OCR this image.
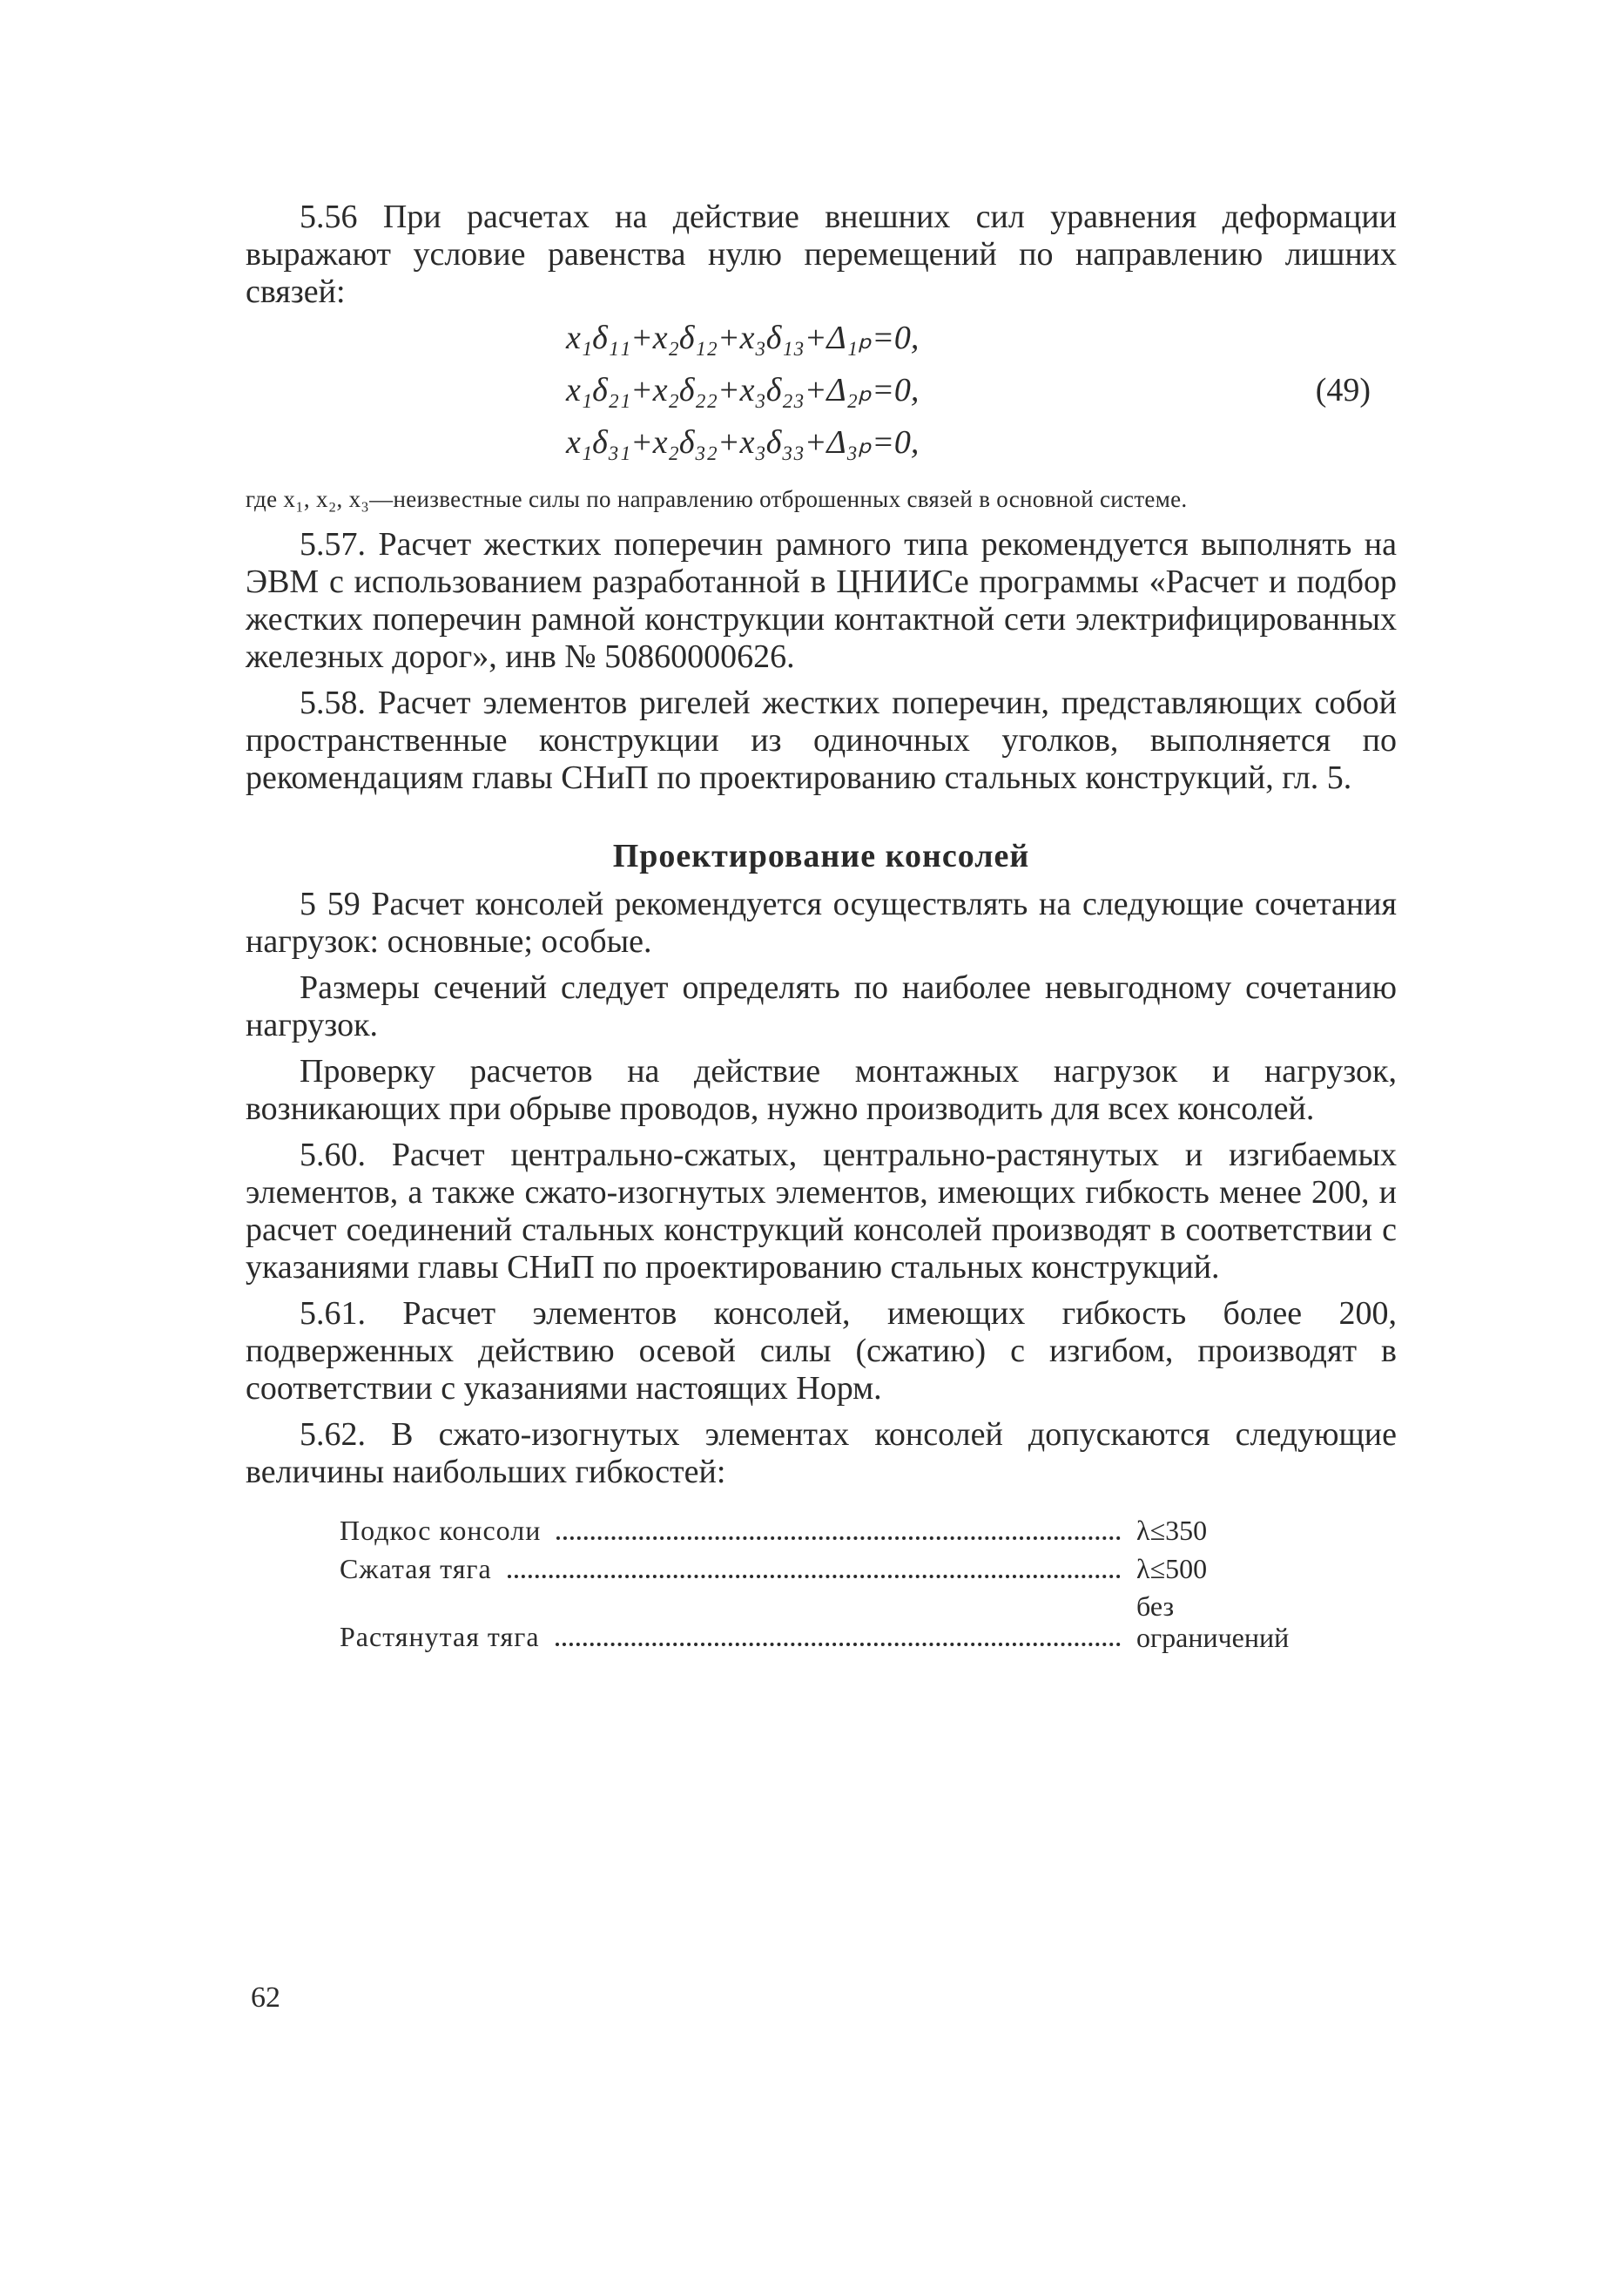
5.56 При расчетах на действие внешних сил уравнения деформации выражают условие равенства нулю перемещений по направлению лишних связей:

x₁δ₁₁+x₂δ₁₂+x₃δ₁₃+Δ₁ₚ=0,
x₁δ₂₁+x₂δ₂₂+x₃δ₂₃+Δ₂ₚ=0,
x₁δ₃₁+x₂δ₃₂+x₃δ₃₃+Δ₃ₚ=0,
(49)

где x₁, x₂, x₃—неизвестные силы по направлению отброшенных связей в основной системе.

5.57. Расчет жестких поперечин рамного типа рекомендуется выполнять на ЭВМ с использованием разработанной в ЦНИИСе программы «Расчет и подбор жестких поперечин рамной конструкции контактной сети электрифицированных железных дорог», инв № 50860000626.

5.58. Расчет элементов ригелей жестких поперечин, представляющих собой пространственные конструкции из одиночных уголков, выполняется по рекомендациям главы СНиП по проектированию стальных конструкций, гл. 5.

Проектирование консолей

5 59 Расчет консолей рекомендуется осуществлять на следующие сочетания нагрузок: основные; особые.

Размеры сечений следует определять по наиболее невыгодному сочетанию нагрузок.

Проверку расчетов на действие монтажных нагрузок и нагрузок, возникающих при обрыве проводов, нужно производить для всех консолей.

5.60. Расчет центрально-сжатых, центрально-растянутых и изгибаемых элементов, а также сжато-изогнутых элементов, имеющих гибкость менее 200, и расчет соединений стальных конструкций консолей производят в соответствии с указаниями главы СНиП по проектированию стальных конструкций.

5.61. Расчет элементов консолей, имеющих гибкость более 200, подверженных действию осевой силы (сжатию) с изгибом, производят в соответствии с указаниями настоящих Норм.

5.62. В сжато-изогнутых элементах консолей допускаются следующие величины наибольших гибкостей:

Подкос консоли	λ≤350
Сжатая тяга	λ≤500
Растянутая тяга
без ограничений
62
